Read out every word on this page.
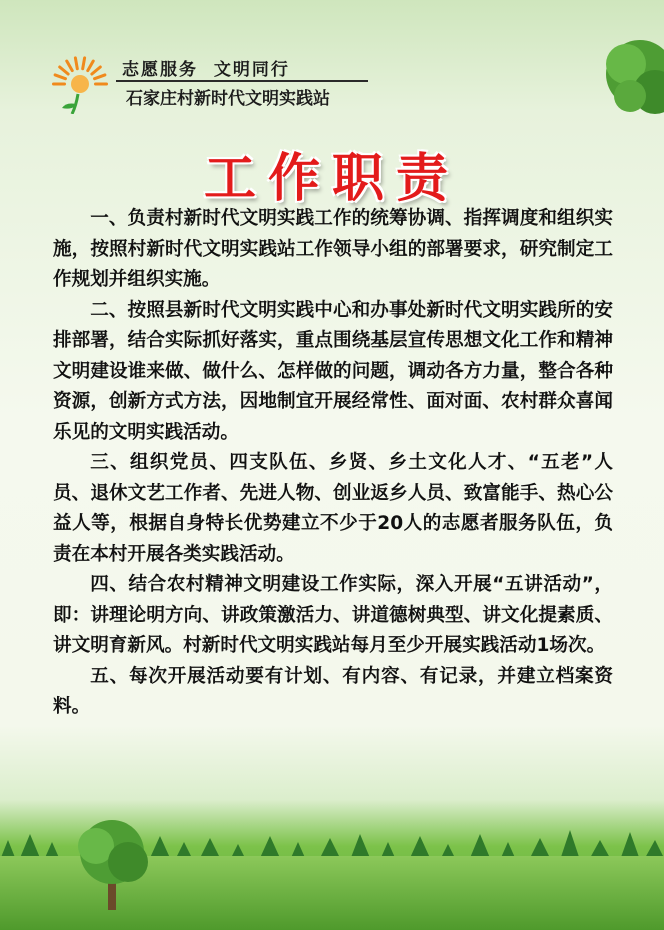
志愿服务  文明同行
石家庄村新时代文明实践站
工作职责

一、负责村新时代文明实践工作的统筹协调、指挥调度和组织实施，按照村新时代文明实践站工作领导小组的部署要求，研究制定工作规划并组织实施。

二、按照县新时代文明实践中心和办事处新时代文明实践所的安排部署，结合实际抓好落实，重点围绕基层宣传思想文化工作和精神文明建设谁来做、做什么、怎样做的问题，调动各方力量，整合各种资源，创新方式方法，因地制宜开展经常性、面对面、农村群众喜闻乐见的文明实践活动。

三、组织党员、四支队伍、乡贤、乡土文化人才、“五老”人员、退休文艺工作者、先进人物、创业返乡人员、致富能手、热心公益人等，根据自身特长优势建立不少于20人的志愿者服务队伍，负责在本村开展各类实践活动。

四、结合农村精神文明建设工作实际，深入开展“五讲活动”，即：讲理论明方向、讲政策激活力、讲道德树典型、讲文化提素质、讲文明育新风。村新时代文明实践站每月至少开展实践活动1场次。

五、每次开展活动要有计划、有内容、有记录，并建立档案资料。
